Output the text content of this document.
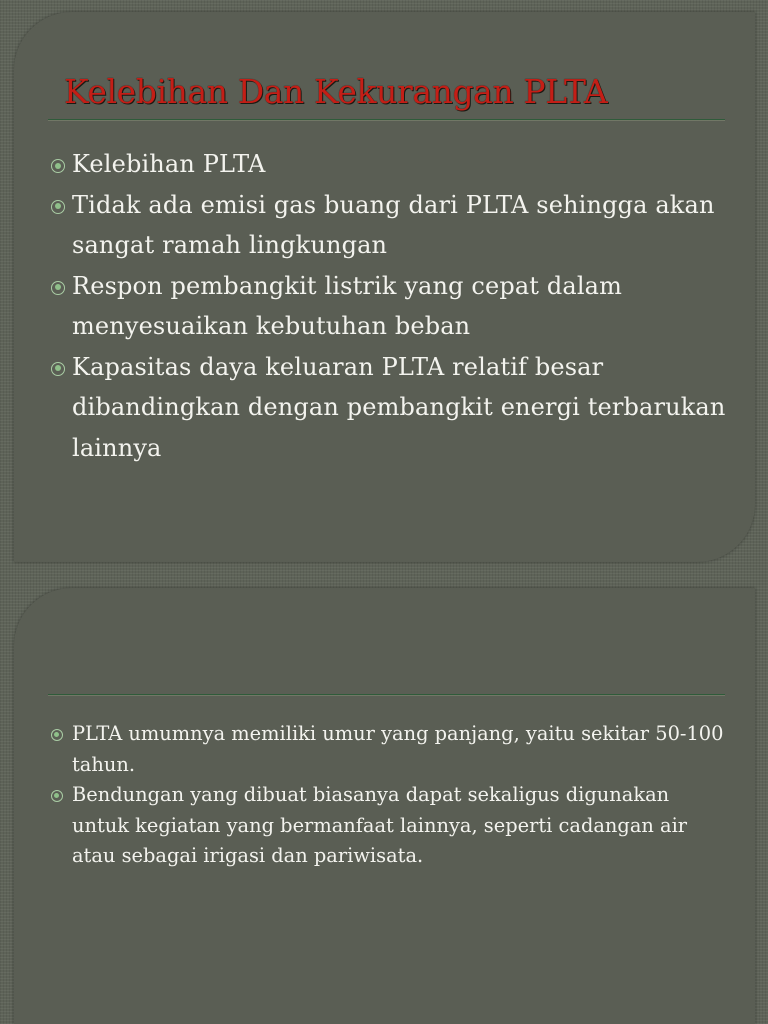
Kelebihan Dan Kekurangan PLTA
Kelebihan PLTA
Tidak ada emisi gas buang dari PLTA sehingga akan sangat ramah lingkungan
Respon pembangkit listrik yang cepat dalam menyesuaikan kebutuhan beban
Kapasitas daya keluaran PLTA relatif besar dibandingkan dengan pembangkit energi terbarukan lainnya
PLTA umumnya memiliki umur yang panjang, yaitu sekitar 50-100 tahun.
Bendungan yang dibuat biasanya dapat sekaligus digunakan untuk kegiatan yang bermanfaat lainnya, seperti cadangan air atau sebagai irigasi dan pariwisata.
